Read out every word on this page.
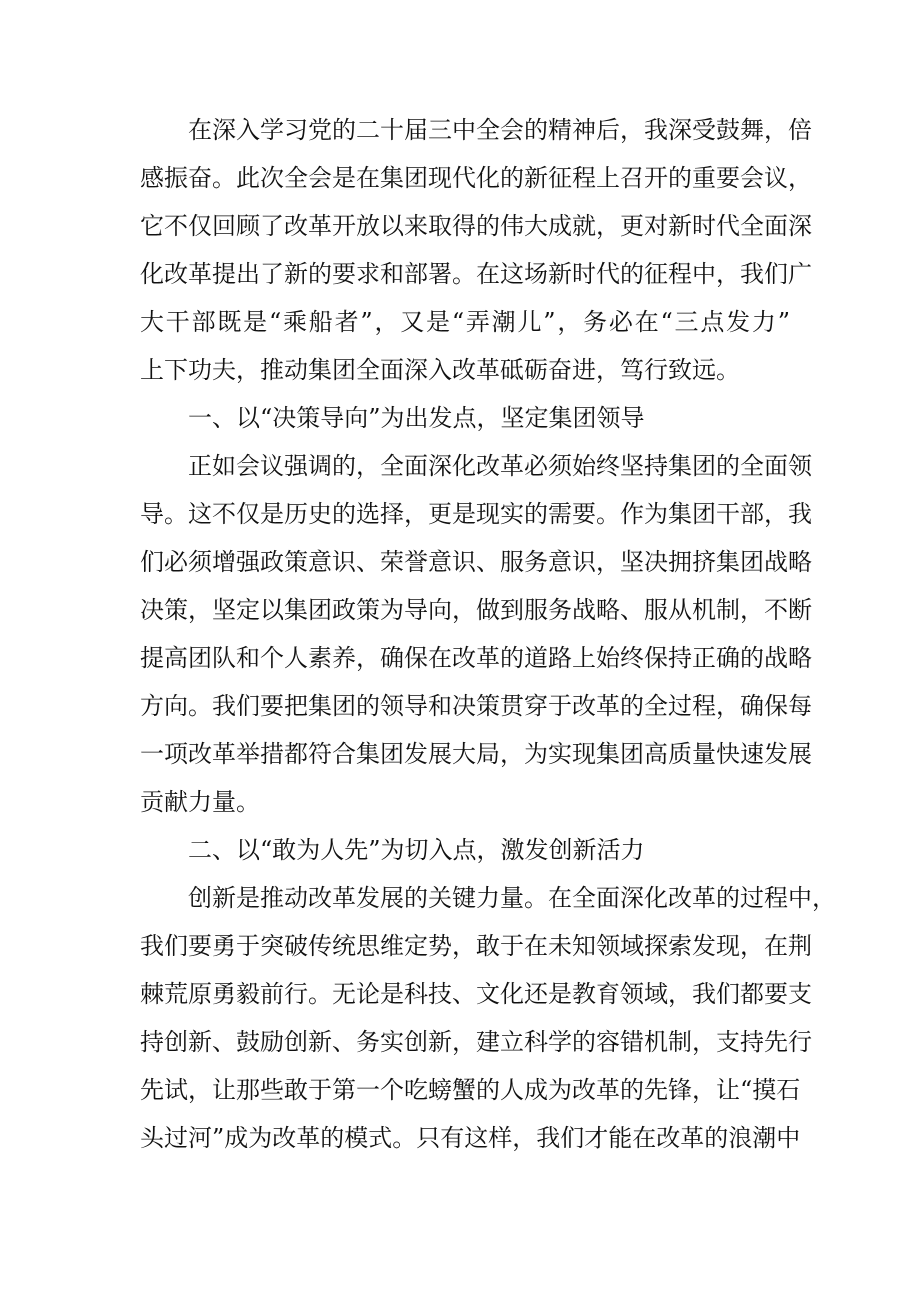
在深入学习党的二十届三中全会的精神后，我深受鼓舞，倍
感振奋。此次全会是在集团现代化的新征程上召开的重要会议，
它不仅回顾了改革开放以来取得的伟大成就，更对新时代全面深
化改革提出了新的要求和部署。在这场新时代的征程中，我们广
大干部既是“乘船者”，又是“弄潮儿”，务必在“三点发力”
上下功夫，推动集团全面深入改革砥砺奋进，笃行致远。
一、以“决策导向”为出发点，坚定集团领导
正如会议强调的，全面深化改革必须始终坚持集团的全面领
导。这不仅是历史的选择，更是现实的需要。作为集团干部，我
们必须增强政策意识、荣誉意识、服务意识，坚决拥挤集团战略
决策，坚定以集团政策为导向，做到服务战略、服从机制，不断
提高团队和个人素养，确保在改革的道路上始终保持正确的战略
方向。我们要把集团的领导和决策贯穿于改革的全过程，确保每
一项改革举措都符合集团发展大局，为实现集团高质量快速发展
贡献力量。
二、以“敢为人先”为切入点，激发创新活力
创新是推动改革发展的关键力量。在全面深化改革的过程中，
我们要勇于突破传统思维定势，敢于在未知领域探索发现，在荆
棘荒原勇毅前行。无论是科技、文化还是教育领域，我们都要支
持创新、鼓励创新、务实创新，建立科学的容错机制，支持先行
先试，让那些敢于第一个吃螃蟹的人成为改革的先锋，让“摸石
头过河”成为改革的模式。只有这样，我们才能在改革的浪潮中
